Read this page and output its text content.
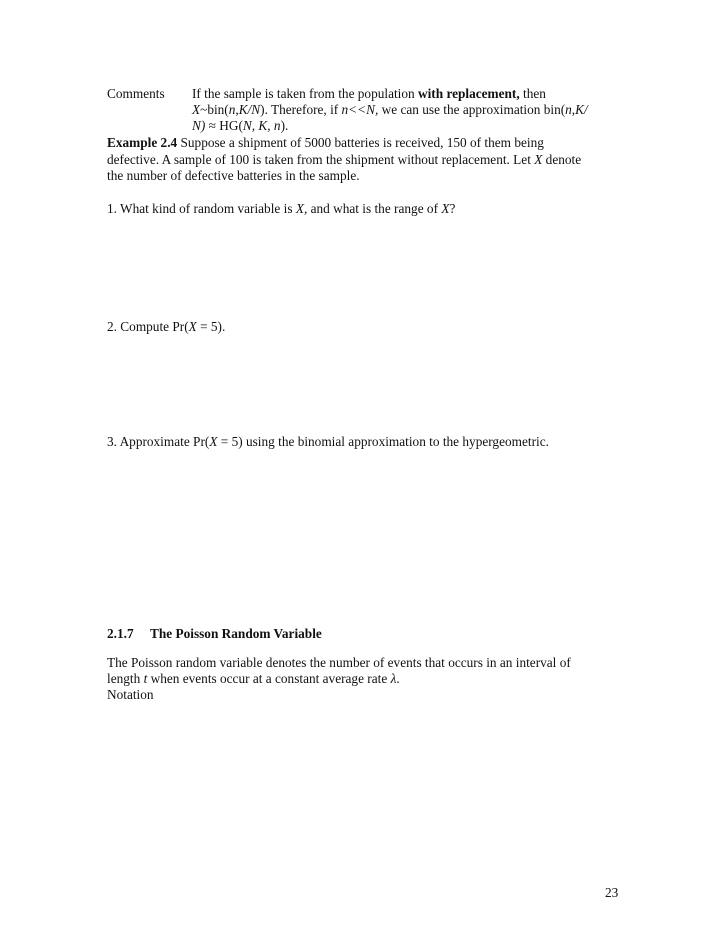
Comments If the sample is taken from the population with replacement, then
X~bin(n,K/N). Therefore, if n<<N, we can use the approximation bin(n,K/
N) ≈ HG(N, K, n).
Example 2.4 Suppose a shipment of 5000 batteries is received, 150 of them being
defective. A sample of 100 is taken from the shipment without replacement. Let X denote
the number of defective batteries in the sample.
1. What kind of random variable is X, and what is the range of X?
2. Compute Pr(X = 5).
3. Approximate Pr(X = 5) using the binomial approximation to the hypergeometric.
2.1.7 The Poisson Random Variable
The Poisson random variable denotes the number of events that occurs in an interval of
length t when events occur at a constant average rate λ.
Notation
23
